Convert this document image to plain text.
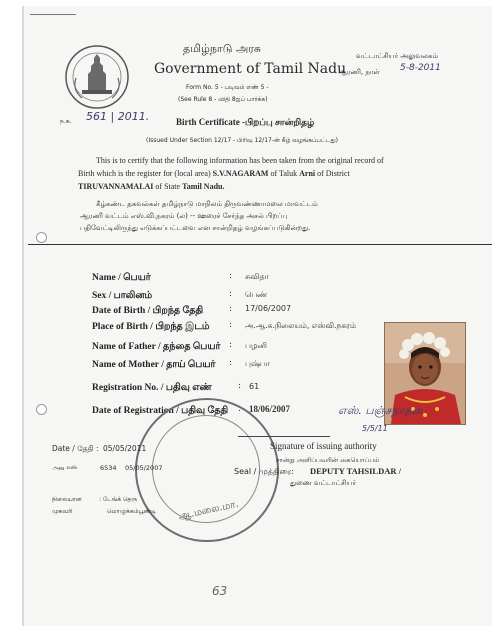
தமிழ்நாடு அரசு
Government of Tamil Nadu
Form No. 5 - படிவம் எண் 5 -
(See Rule 8 - விதி 8ஐப் பார்க்க)
வட்டாட்சியர் அலுவலகம்
ஆரணி, நாள் 5-8-2011
ந.க. 561 | 2011.	Birth Certificate -பிறப்பு சான்றிதழ்
(Issued Under Section 12/17 - பிரிவு 12/17-ன் கீழ் வழங்கப்பட்டது)
This is to certify that the following information has been taken from the original record of
Birth which is the register for (local area) S.V.NAGARAM of Taluk Arni of District
TIRUVANNAMALAI of State Tamil Nadu.
கீழ்கண்ட தகவல்கள் தமிழ்நாடு மாநிலம் திருவண்ணாமலை மாவட்டம்
ஆரணி வட்டம் எஸ்.வி.நகரம் (ல) -- ஊரைச் சேர்ந்த அசல் பிறப்பு
பதிவேட்டிலிருந்து எடுக்கப்பட்டவை என சான்றிதழ் வழங்கப்படுகின்றது.
Name / பெயர்	: சுவிதா
Sex / பாலினம்	: பெண்
Date of Birth / பிறந்த தேதி	: 17/06/2007
Place of Birth / பிறந்த இடம் : அ.ஆ.சு.நிலையம், எஸ்வி.நகரம்
Name of Father / தந்தை பெயர் : பழனி
Name of Mother / தாய் பெயர் : புஷ்பா
Registration No. / பதிவு எண்	: 61
Date of Registration / பதிவு தேதி : 18/06/2007
ஆ.மலை.மா.
எஸ். பஞ்சநாதன்
5/5/11
Signature of issuing authority
சான்று அளிப்பவரின் கையொப்பம்
Seal / முத்திரை: DEPUTY TAHSILDAR /
துணை வட்டாட்சியர்
Date / தேதி : 05/05/2011
அனு எண்	6534 05/05/2007
நிலையான
முகவரி
: டேங்க் தெரு
மொழுக்கம்பூண்டி
63
